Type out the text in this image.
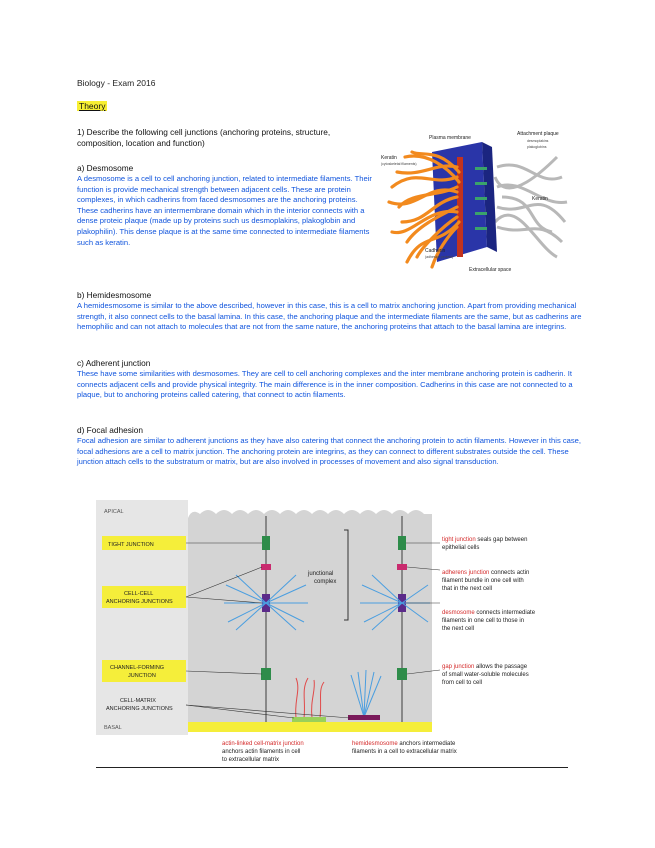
Biology - Exam 2016
Theory
1) Describe the following cell junctions (anchoring proteins, structure, composition, location and function)
a) Desmosome
A desmosome is a cell to cell anchoring junction, related to intermediate filaments. Their function is provide mechanical strength between adjacent cells. These are protein complexes, in which cadherins from faced desmosomes are the anchoring proteins. These cadherins have an intermembrane domain which in the interior connects with a dense proteic plaque (made up by proteins such us desmoplakins, plakoglobin and plakophilin). This dense plaque is at the same time connected to intermediate filaments such as keratin.
Plasma membrane
Attachment plaque
desmoplakins
plakoglobins
Keratin
(cytoskeletal filaments)
Keratin
Cadherin
(adhesion protein)
Extracellular space
b) Hemidesmosome
A hemidesmosome is similar to the above described, however in this case, this is a cell to matrix anchoring junction. Apart from providing mechanical strength, it also connect cells to the basal lamina. In this case, the anchoring plaque and the intermediate filaments are the same, but as cadherins are hemophilic and can not attach to molecules that are not from the same nature, the anchoring proteins that attach to the basal lamina are integrins.
c) Adherent junction
These have some similarities with desmosomes. They are cell to cell anchoring complexes and the inter membrane anchoring protein is cadherin. It connects adjacent cells and provide physical integrity. The main difference is in the inner composition. Cadherins in this case are not connected to a plaque, but to anchoring proteins called catering, that connect to actin filaments.
d) Focal adhesion
Focal adhesion are similar to adherent junctions as they have also catering that connect the anchoring protein to actin filaments. However in this case, focal adhesions are a cell to matrix junction. The anchoring protein are integrins, as they can connect to different substrates outside the cell. These junction attach cells to the substratum or matrix, but are also involved in processes of movement and also signal transduction.
junctional
complex
APICAL
TIGHT JUNCTION
CELL-CELL
ANCHORING JUNCTIONS
CHANNEL-FORMING
JUNCTION
CELL-MATRIX
ANCHORING JUNCTIONS
BASAL
tight junction seals gap between
epithelial cells
adherens junction connects actin
filament bundle in one cell with
that in the next cell
desmosome connects intermediate
filaments in one cell to those in
the next cell
gap junction allows the passage
of small water-soluble molecules
from cell to cell
actin-linked cell-matrix junction
anchors actin filaments in cell
to extracellular matrix
hemidesmosome anchors intermediate
filaments in a cell to extracellular matrix
